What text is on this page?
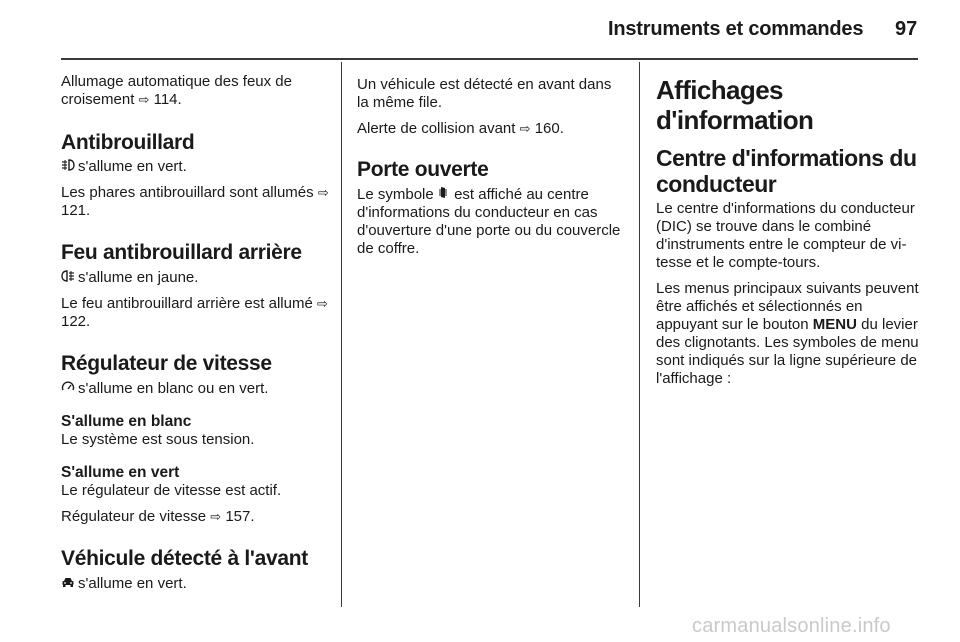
Instruments et commandes 97

Allumage automatique des feux de croisement ⇨ 114.

Antibrouillard

s'allume en vert.

Les phares antibrouillard sont allumés ⇨ 121.

Feu antibrouillard arrière

s'allume en jaune.

Le feu antibrouillard arrière est allumé ⇨ 122.

Régulateur de vitesse

s'allume en blanc ou en vert.

S'allume en blanc

Le système est sous tension.

S'allume en vert

Le régulateur de vitesse est actif.

Régulateur de vitesse ⇨ 157.

Véhicule détecté à l'avant

s'allume en vert.

Un véhicule est détecté en avant dans la même file.

Alerte de collision avant ⇨ 160.

Porte ouverte

Le symbole est affiché au centre d'informations du conducteur en cas d'ouverture d'une porte ou du couvercle de coffre.

Affichages d'information
Centre d'informations du conducteur

Le centre d'informations du conducteur (DIC) se trouve dans le combiné d'instruments entre le compteur de vitesse et le compte-tours.

Les menus principaux suivants peuvent être affichés et sélectionnés en appuyant sur le bouton MENU du levier des clignotants. Les symboles de menu sont indiqués sur la ligne supérieure de l'affichage :

carmanualsonline.info
